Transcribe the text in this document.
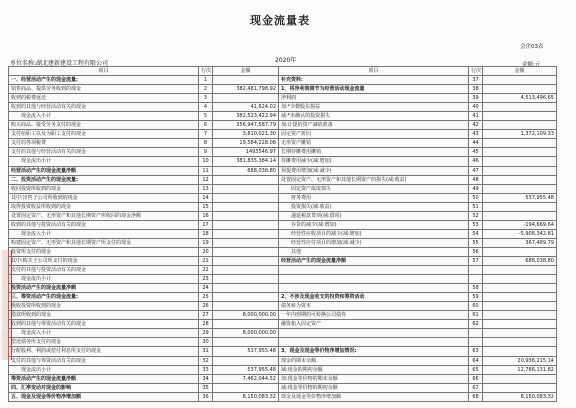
现金流量表
会企03表
单位名称:湖北建新建设工程有限公司	2020年
金额:元
项目	行次	金额	项目	行次	金额
一、经营活动产生的现金流量:	1		补充资料:	37	
销售商品、提供劳务收到的现金	2	382,481,798.92	1、将净利润调节为经营活动现金流量	38	
收到的税费返还	3		净利润	39	4,513,496.65
收到的其他与经营活动有关的现金	4	41,624.02	加:*少数股东损益	40	
现金流入小计	5	382,523,422.94	减:*未确认的投资损失	41	
购买商品、接受劳务支付的现金	6	356,947,587.79	加:计提的资产减值准备	42	
支付给职工以及为职工支付的现金	7	3,810,021.30	固定资产折旧	43	1,372,109.33
支付的各项税费	8	19,584,228.08	无形资产摊销	44	
支付的其他与经营活动有关的现金	9	1493546.97	长期待摊费用摊销	45	
现金流出小计	10	381,835,384.14	待摊费用减少(减:增加)	46	
经营活动产生的现金流量净额	11	688,038.80	预提费用增加(减:减少)	47	
二、投资活动产生的现金流量:	12		处置固定资产、无形资产和其他长期资产的损失(减:收益)	48	
收回投资所收到的现金	13		固定资产报废损失	49	
其中:出售子公司所收到的现金	14		财务费用	50	537,955.48
取得投资收益所收到的现金	15		投资损失(减:收益)	51	
处置固定资产、无形资产和其他长期资产所收回的现金净额	16		递延税款贷项(减:借项)	52	
收到的其他与投资活动有关的现金	17		存货的减少(减:增加)	53	-194,669.64
现金流入小计	18		经营性应收项目的减少(减:增加)	54	-5,908,342.81
购建固定资产、无形资产和其他长期资产所支付的现金	19		经营性应付项目的增加(减:减少)	55	367,489.79
投资所支付的现金	20		其他	56	
其中:购买子公司所支付的现金	21		经营活动产生的现金流量净额	57	688,038.80
支付的其他与投资活动有关的现金	22				
现金流出小计	23				
投资活动产生的现金流量净额	24			58	
三、筹资活动产生的现金流量:	25		2、不涉及现金收支的投资和筹资活动	59	
吸收投资所收到的现金	26		债务转为资本	60	
借款所收到的现金	27	8,000,000.00	一年内到期的可转换公司债券	61	
收到的其他与筹资活动有关的现金	28		融资租入固定资产	62	
现金流入小计	29	8,000,000.00			
偿还债务所支付的现金	30				
分配股利、利润或偿付利息所支付的现金	31	537,955.48	3、现金及现金等价物净增加情况:	63	
支付的其他与筹资活动有关的现金	32		现金的期末余额	64	20,936,215.14
现金流出小计	33	537,955.48	减:现金的期初余额	65	12,786,131.82
筹资活动产生的现金流量净额	34	7,462,044.52	加:现金等价物的期末余额	66	
四、汇率变动对现金的影响	35		减:现金等价物的期初余额	67	
五、现金及现金等价物净增加额	36	8,150,083.32	现金及现金等价物净增加额	68	8,150,083.32
